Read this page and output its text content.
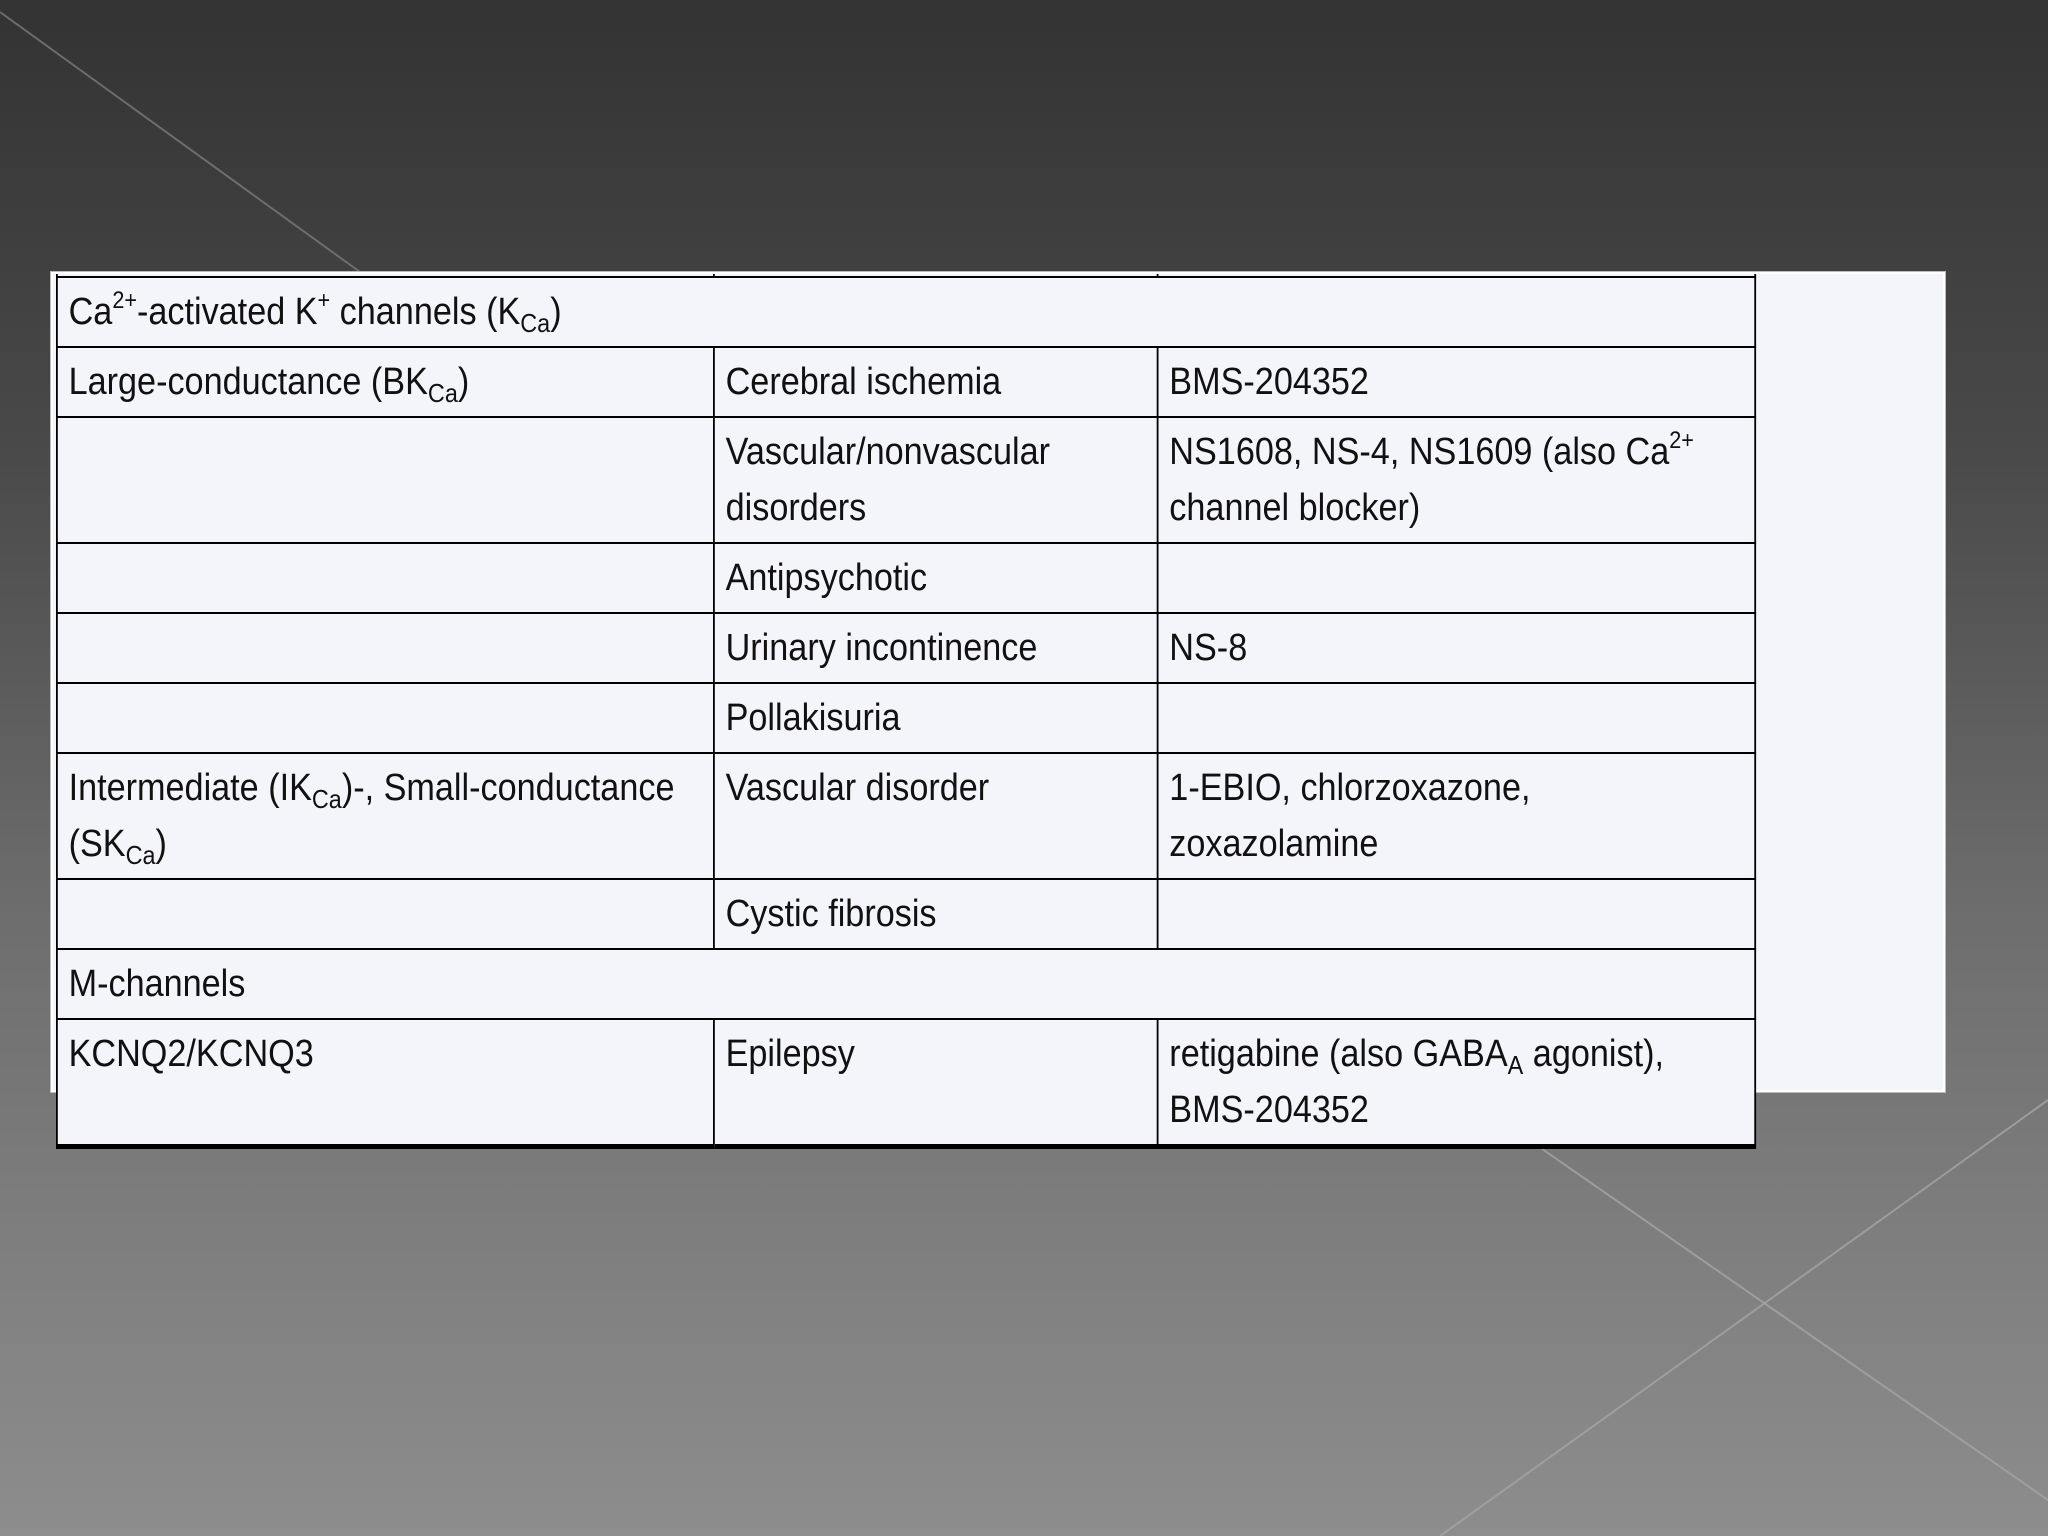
$Ca^{2+}$-activated K+ channels $(K_{Ca})$		
Large-conductance $(BK_{Ca})$	Cerebral ischemia	BMS-204352
	Vascular/nonvascular disorders	NS1608, NS-4, NS1609 (also $Ca^{2+}$ channel blocker)
	Antipsychotic	
	Urinary incontinence	NS-8
	Pollakisuria	
Intermediate $(IK_{Ca})-$, Small-conductance $(SK_{Ca})$	Vascular disorder	1-EBIO, chlorzoxazone, zoxazolamine
	Cystic fibrosis	
M-channels		
KCNQ2/KCNQ3	Epilepsy	retigabine (also $GABA_A$ agonist), BMS-204352
